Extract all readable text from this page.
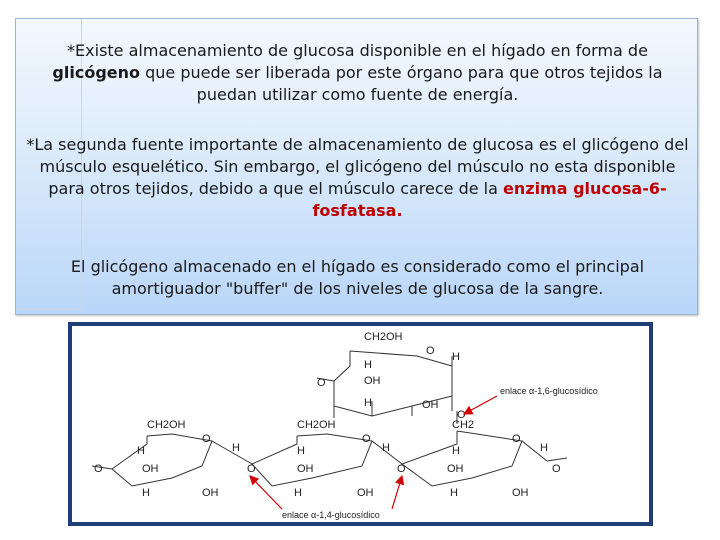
*Existe almacenamiento de glucosa disponible en el hígado en forma de
glicógeno que puede ser liberada por este órgano para que otros tejidos la puedan utilizar como fuente de energía.
*La segunda fuente importante de almacenamiento de glucosa es el glicógeno del músculo esquelético. Sin embargo, el glicógeno del músculo no esta disponible para otros tejidos, debido a que el músculo carece de la enzima glucosa-6-fosfatasa.
El glicógeno almacenado en el hígado es considerado como el principal amortiguador "buffer" de los niveles de glucosa de la sangre.
CH2OH
O H
H
OH
O
H	OH
O
CH2OH	CH2OH	CH2
O	O	O
H	H	H	H	H	H
O	O	O	O
OH	OH	OH
H	OH	H	OH	H	OH
enlace α-1,6-glucosídico
enlace α-1,4-glucosídico
